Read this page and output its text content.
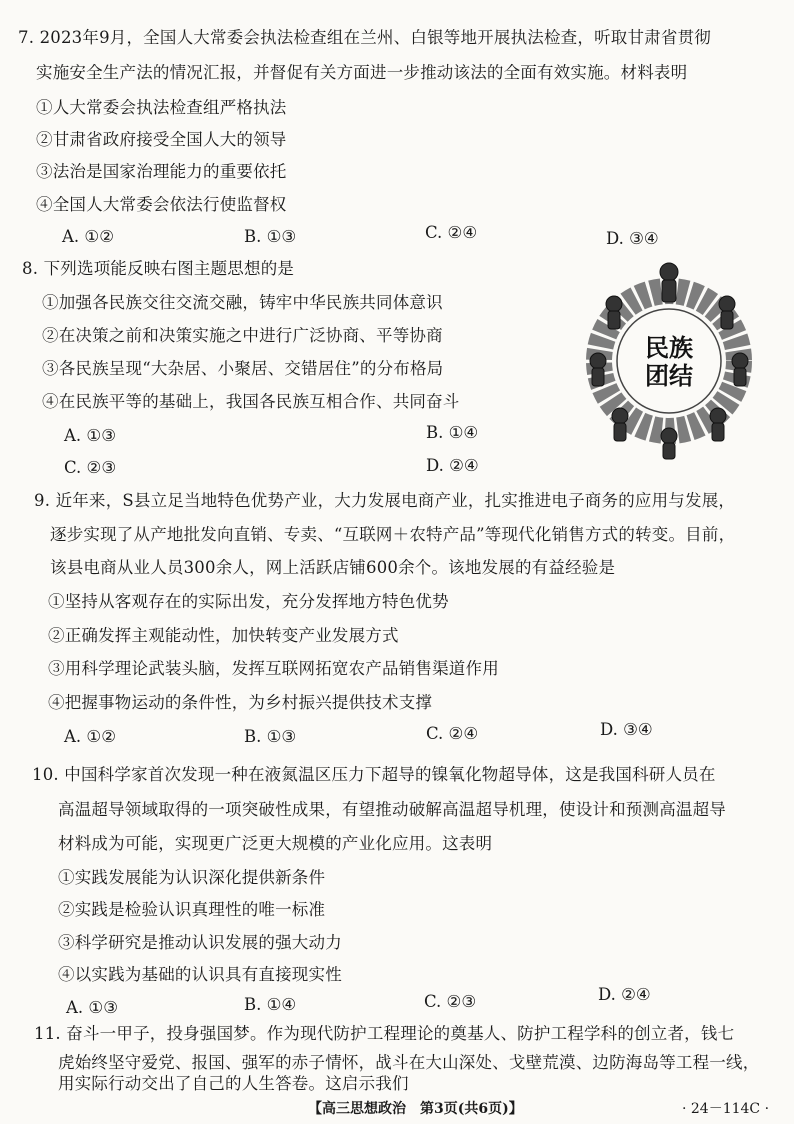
7. 2023年9月，全国人大常委会执法检查组在兰州、白银等地开展执法检查，听取甘肃省贯彻
实施安全生产法的情况汇报，并督促有关方面进一步推动该法的全面有效实施。材料表明
①人大常委会执法检查组严格执法
②甘肃省政府接受全国人大的领导
③法治是国家治理能力的重要依托
④全国人大常委会依法行使监督权
A. ①②	B. ①③	C. ②④	D. ③④
8. 下列选项能反映右图主题思想的是
①加强各民族交往交流交融，铸牢中华民族共同体意识
②在决策之前和决策实施之中进行广泛协商、平等协商
③各民族呈现“大杂居、小聚居、交错居住”的分布格局
④在民族平等的基础上，我国各民族互相合作、共同奋斗
A. ①③	B. ①④
C. ②③	D. ②④
民族
团结
9. 近年来，S县立足当地特色优势产业，大力发展电商产业，扎实推进电子商务的应用与发展，
逐步实现了从产地批发向直销、专卖、“互联网＋农特产品”等现代化销售方式的转变。目前，
该县电商从业人员300余人，网上活跃店铺600余个。该地发展的有益经验是
①坚持从客观存在的实际出发，充分发挥地方特色优势
②正确发挥主观能动性，加快转变产业发展方式
③用科学理论武装头脑，发挥互联网拓宽农产品销售渠道作用
④把握事物运动的条件性，为乡村振兴提供技术支撑
A. ①②	B. ①③	C. ②④	D. ③④
10. 中国科学家首次发现一种在液氮温区压力下超导的镍氧化物超导体，这是我国科研人员在
高温超导领域取得的一项突破性成果，有望推动破解高温超导机理，使设计和预测高温超导
材料成为可能，实现更广泛更大规模的产业化应用。这表明
①实践发展能为认识深化提供新条件
②实践是检验认识真理性的唯一标准
③科学研究是推动认识发展的强大动力
④以实践为基础的认识具有直接现实性
A. ①③	B. ①④	C. ②③	D. ②④
11. 奋斗一甲子，投身强国梦。作为现代防护工程理论的奠基人、防护工程学科的创立者，钱七
虎始终坚守爱党、报国、强军的赤子情怀，战斗在大山深处、戈壁荒漠、边防海岛等工程一线，
用实际行动交出了自己的人生答卷。这启示我们
【高三思想政治　第3页(共6页)】	· 24－114C ·
